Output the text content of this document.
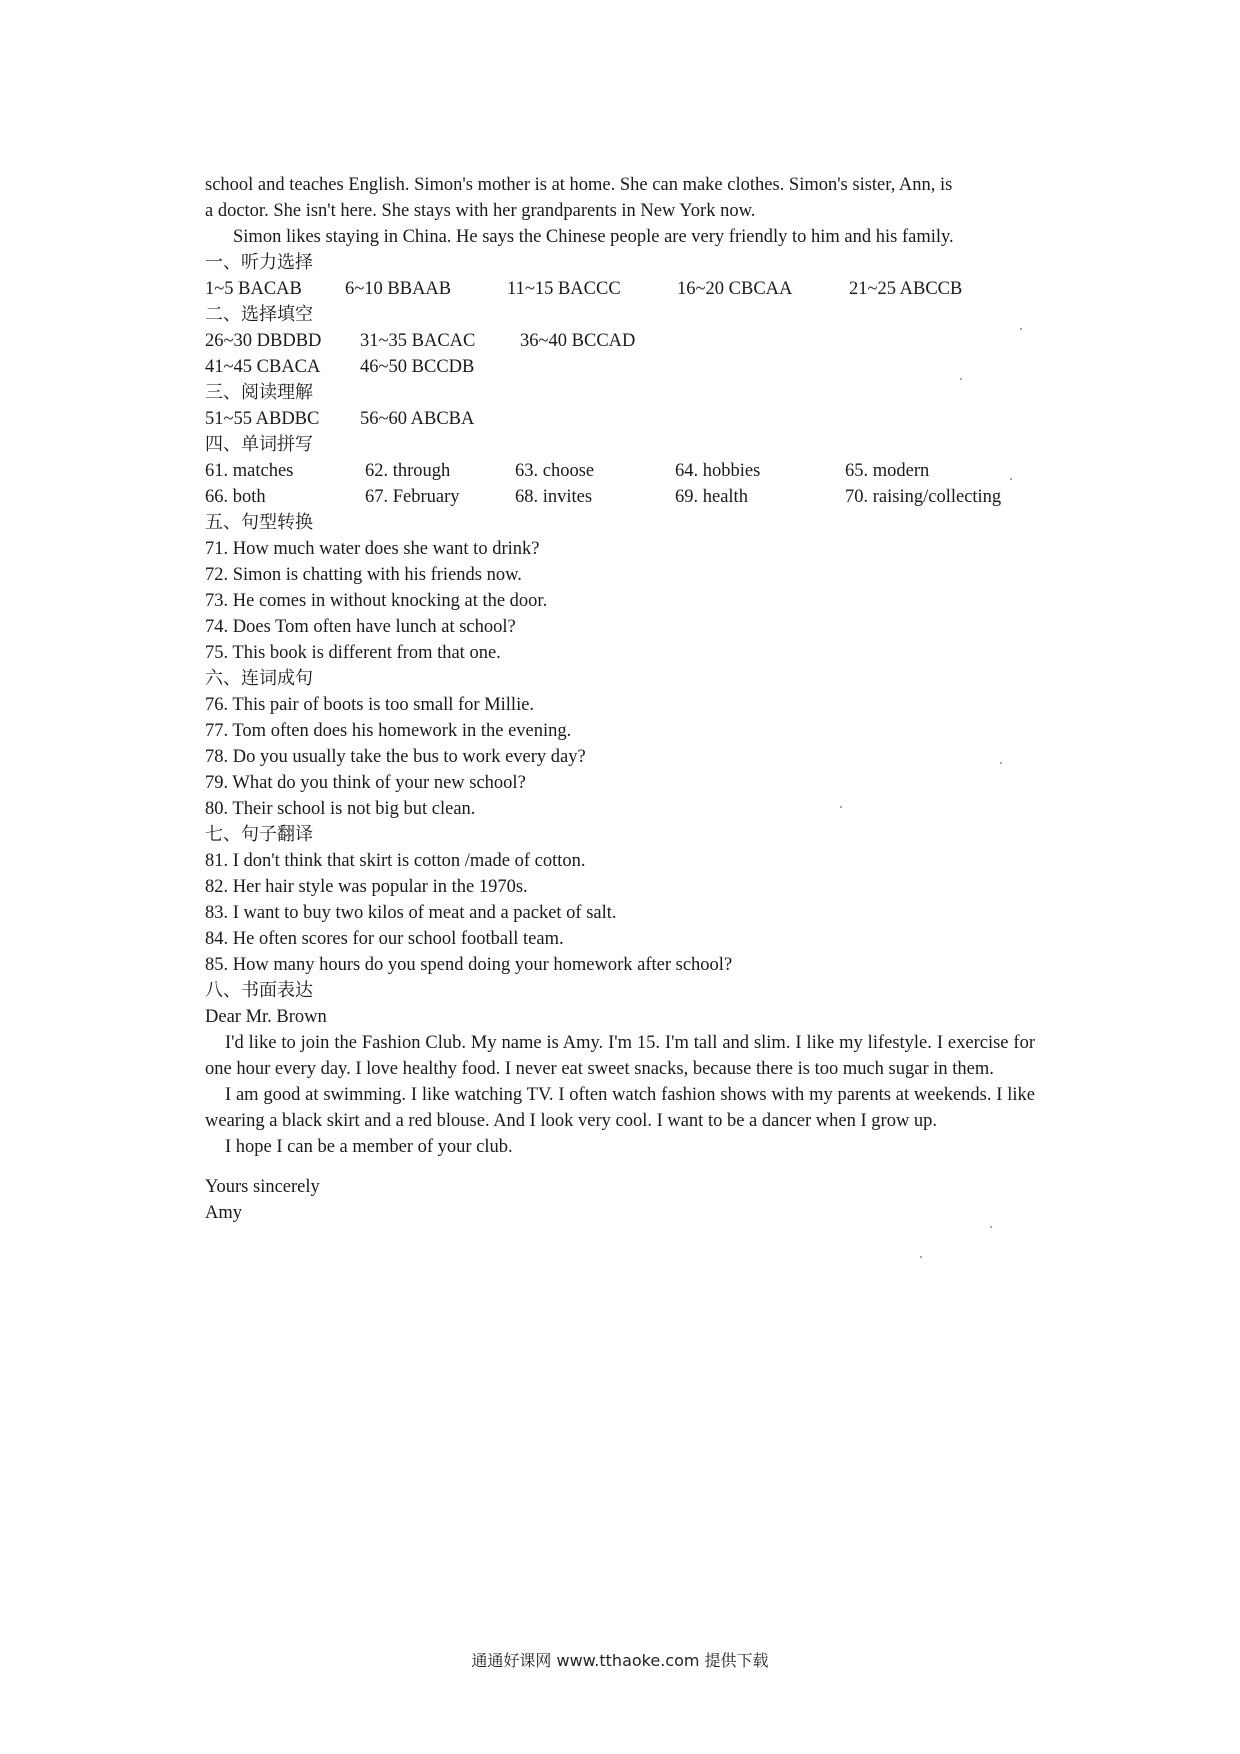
school and teaches English. Simon's mother is at home. She can make clothes. Simon's sister, Ann, is

a doctor. She isn't here. She stays with her grandparents in New York now.

Simon likes staying in China. He says the Chinese people are very friendly to him and his family.

一、听力选择
1~5 BACAB	6~10 BBAAB	11~15 BACCC	16~20 CBCAA	21~25 ABCCB
二、选择填空
26~30 DBDBD	31~35 BACAC	36~40 BCCAD
41~45 CBACA	46~50 BCCDB
三、阅读理解
51~55 ABDBC	56~60 ABCBA
四、单词拼写
61. matches	62. through	63. choose	64. hobbies	65. modern
66. both	67. February	68. invites	69. health	70. raising/collecting
五、句型转换

71. How much water does she want to drink?

72. Simon is chatting with his friends now.

73. He comes in without knocking at the door.

74. Does Tom often have lunch at school?

75. This book is different from that one.

六、连词成句

76. This pair of boots is too small for Millie.

77. Tom often does his homework in the evening.

78. Do you usually take the bus to work every day?

79. What do you think of your new school?

80. Their school is not big but clean.

七、句子翻译

81. I don't think that skirt is cotton /made of cotton.

82. Her hair style was popular in the 1970s.

83. I want to buy two kilos of meat and a packet of salt.

84. He often scores for our school football team.

85. How many hours do you spend doing your homework after school?

八、书面表达

Dear Mr. Brown

I'd like to join the Fashion Club. My name is Amy. I'm 15. I'm tall and slim. I like my lifestyle. I exercise for one hour every day. I love healthy food. I never eat sweet snacks, because there is too much sugar in them.

I am good at swimming. I like watching TV. I often watch fashion shows with my parents at weekends. I like wearing a black skirt and a red blouse. And I look very cool. I want to be a dancer when I grow up.

I hope I can be a member of your club.

Yours sincerely

Amy

通通好课网 www.tthaoke.com 提供下载
